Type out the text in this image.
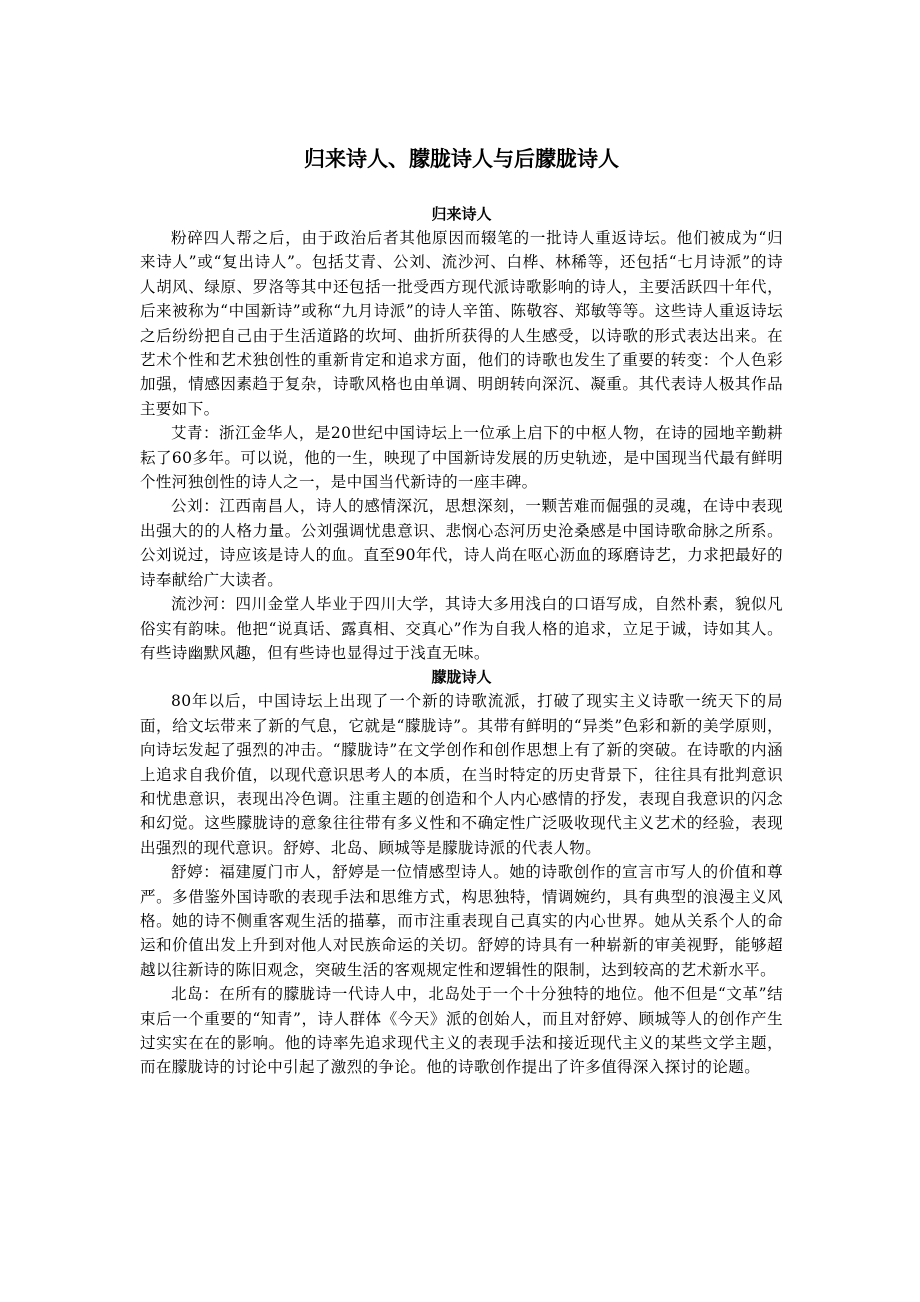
归来诗人、朦胧诗人与后朦胧诗人
归来诗人

粉碎四人帮之后，由于政治后者其他原因而辍笔的一批诗人重返诗坛。他们被成为“归来诗人”或“复出诗人”。包括艾青、公刘、流沙河、白桦、林稀等，还包括“七月诗派”的诗人胡风、绿原、罗洛等其中还包括一批受西方现代派诗歌影响的诗人，主要活跃四十年代，后来被称为“中国新诗”或称“九月诗派”的诗人辛笛、陈敬容、郑敏等等。这些诗人重返诗坛之后纷纷把自己由于生活道路的坎坷、曲折所获得的人生感受，以诗歌的形式表达出来。在艺术个性和艺术独创性的重新肯定和追求方面，他们的诗歌也发生了重要的转变：个人色彩加强，情感因素趋于复杂，诗歌风格也由单调、明朗转向深沉、凝重。其代表诗人极其作品主要如下。

艾青：浙江金华人，是20世纪中国诗坛上一位承上启下的中枢人物，在诗的园地辛勤耕耘了60多年。可以说，他的一生，映现了中国新诗发展的历史轨迹，是中国现当代最有鲜明个性河独创性的诗人之一，是中国当代新诗的一座丰碑。

公刘：江西南昌人，诗人的感情深沉，思想深刻，一颗苦难而倔强的灵魂，在诗中表现出强大的的人格力量。公刘强调忧患意识、悲悯心态河历史沧桑感是中国诗歌命脉之所系。公刘说过，诗应该是诗人的血。直至90年代，诗人尚在呕心沥血的琢磨诗艺，力求把最好的诗奉献给广大读者。

流沙河：四川金堂人毕业于四川大学，其诗大多用浅白的口语写成，自然朴素，貌似凡俗实有韵味。他把“说真话、露真相、交真心”作为自我人格的追求，立足于诚，诗如其人。有些诗幽默风趣，但有些诗也显得过于浅直无味。

朦胧诗人

80年以后，中国诗坛上出现了一个新的诗歌流派，打破了现实主义诗歌一统天下的局面，给文坛带来了新的气息，它就是“朦胧诗”。其带有鲜明的“异类”色彩和新的美学原则，向诗坛发起了强烈的冲击。“朦胧诗”在文学创作和创作思想上有了新的突破。在诗歌的内涵上追求自我价值，以现代意识思考人的本质，在当时特定的历史背景下，往往具有批判意识和忧患意识，表现出冷色调。注重主题的创造和个人内心感情的抒发，表现自我意识的闪念和幻觉。这些朦胧诗的意象往往带有多义性和不确定性广泛吸收现代主义艺术的经验，表现出强烈的现代意识。舒婷、北岛、顾城等是朦胧诗派的代表人物。

舒婷：福建厦门市人，舒婷是一位情感型诗人。她的诗歌创作的宣言市写人的价值和尊严。多借鉴外国诗歌的表现手法和思维方式，构思独特，情调婉约，具有典型的浪漫主义风格。她的诗不侧重客观生活的描摹，而市注重表现自己真实的内心世界。她从关系个人的命运和价值出发上升到对他人对民族命运的关切。舒婷的诗具有一种崭新的审美视野，能够超越以往新诗的陈旧观念，突破生活的客观规定性和逻辑性的限制，达到较高的艺术新水平。

北岛：在所有的朦胧诗一代诗人中，北岛处于一个十分独特的地位。他不但是“文革”结束后一个重要的“知青”，诗人群体《今天》派的创始人，而且对舒婷、顾城等人的创作产生过实实在在的影响。他的诗率先追求现代主义的表现手法和接近现代主义的某些文学主题，而在朦胧诗的讨论中引起了激烈的争论。他的诗歌创作提出了许多值得深入探讨的论题。
